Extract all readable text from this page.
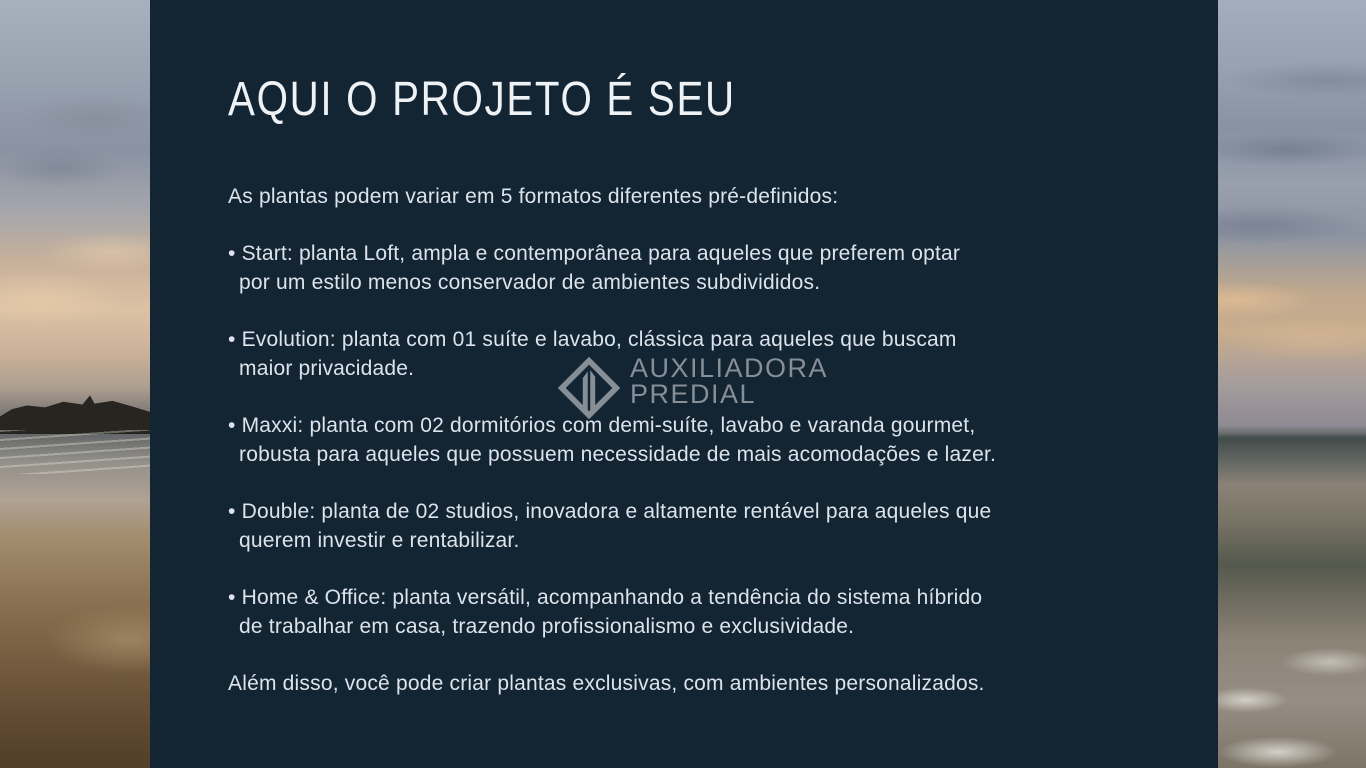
AUXILIADORA
PREDIAL
AQUI O PROJETO É SEU
As plantas podem variar em 5 formatos diferentes pré-definidos:
• Start: planta Loft, ampla e contemporânea para aqueles que preferem optar
por um estilo menos conservador de ambientes subdivididos.
• Evolution: planta com 01 suíte e lavabo, clássica para aqueles que buscam
maior privacidade.
• Maxxi: planta com 02 dormitórios com demi-suíte, lavabo e varanda gourmet,
robusta para aqueles que possuem necessidade de mais acomodações e lazer.
• Double: planta de 02 studios, inovadora e altamente rentável para aqueles que
querem investir e rentabilizar.
• Home & Office: planta versátil, acompanhando a tendência do sistema híbrido
de trabalhar em casa, trazendo profissionalismo e exclusividade.
Além disso, você pode criar plantas exclusivas, com ambientes personalizados.
